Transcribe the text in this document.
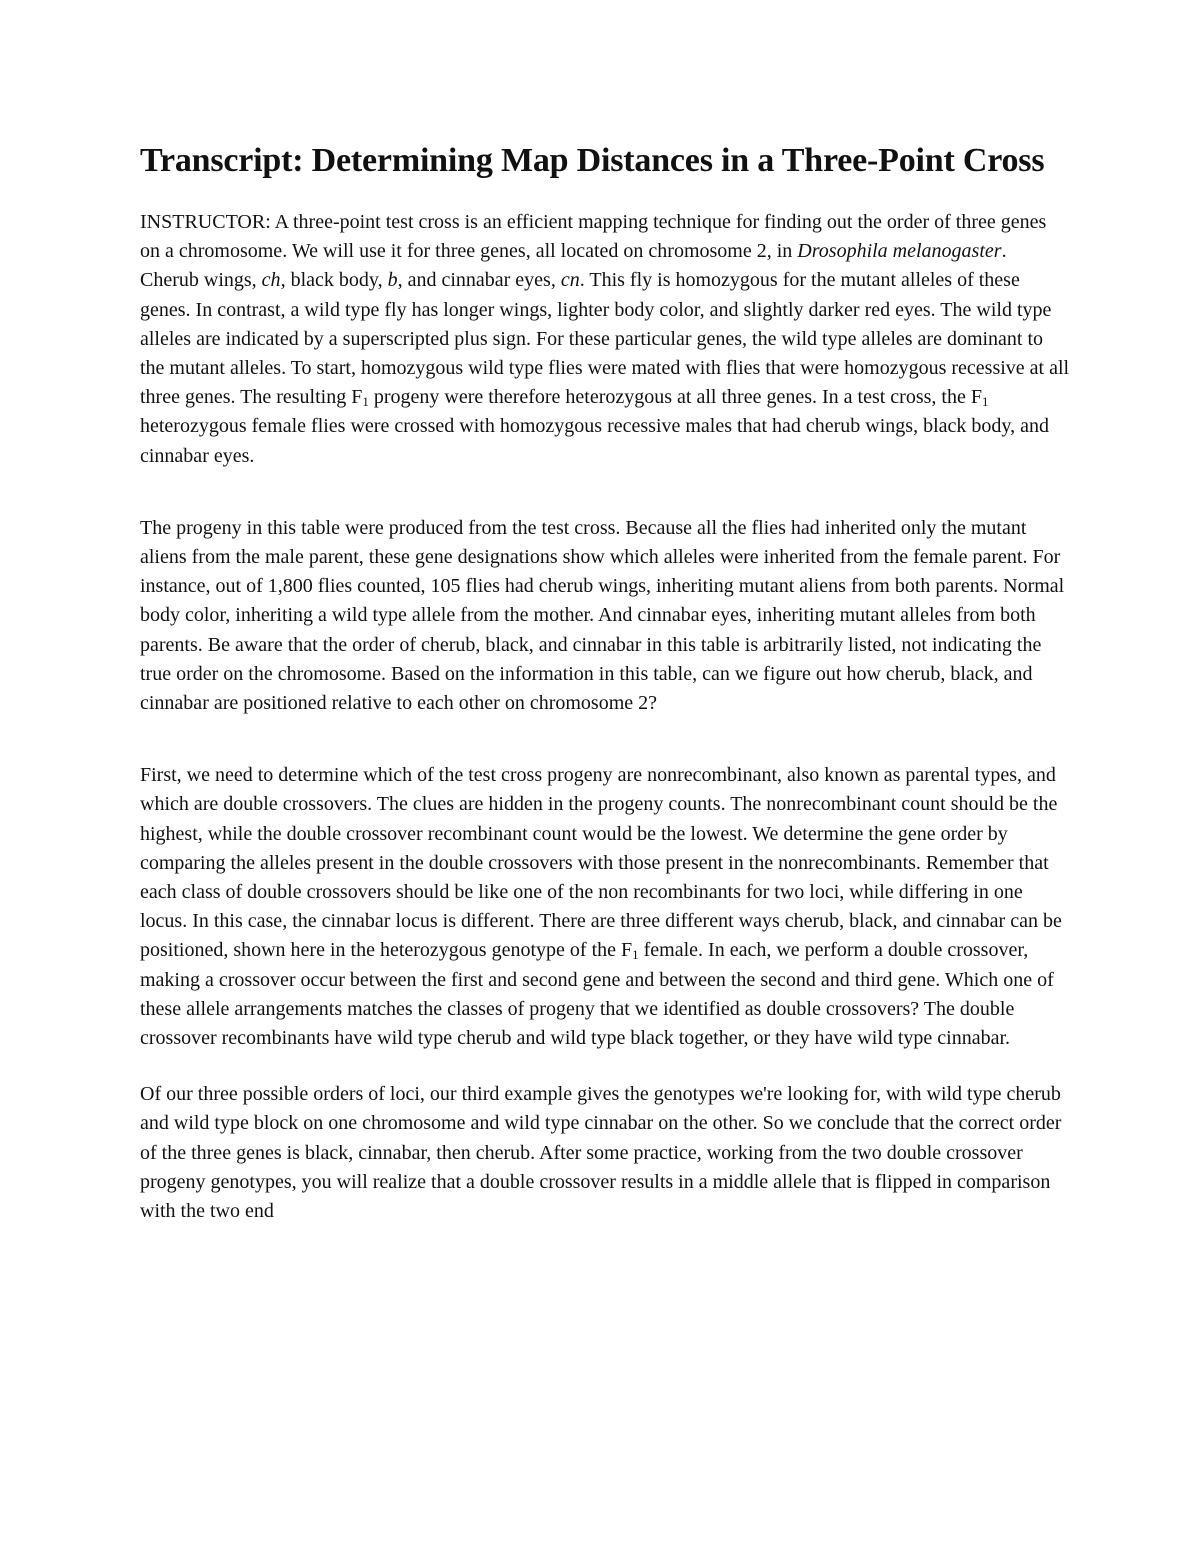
Transcript: Determining Map Distances in a Three-Point Cross

INSTRUCTOR: A three-point test cross is an efficient mapping technique for finding out the order of three genes on a chromosome. We will use it for three genes, all located on chromosome 2, in Drosophila melanogaster. Cherub wings, ch, black body, b, and cinnabar eyes, cn. This fly is homozygous for the mutant alleles of these genes. In contrast, a wild type fly has longer wings, lighter body color, and slightly darker red eyes. The wild type alleles are indicated by a superscripted plus sign. For these particular genes, the wild type alleles are dominant to the mutant alleles. To start, homozygous wild type flies were mated with flies that were homozygous recessive at all three genes. The resulting $F_1$ progeny were therefore heterozygous at all three genes. In a test cross, the $F_1$ heterozygous female flies were crossed with homozygous recessive males that had cherub wings, black body, and cinnabar eyes.

The progeny in this table were produced from the test cross. Because all the flies had inherited only the mutant aliens from the male parent, these gene designations show which alleles were inherited from the female parent. For instance, out of 1,800 flies counted, 105 flies had cherub wings, inheriting mutant aliens from both parents. Normal body color, inheriting a wild type allele from the mother. And cinnabar eyes, inheriting mutant alleles from both parents. Be aware that the order of cherub, black, and cinnabar in this table is arbitrarily listed, not indicating the true order on the chromosome. Based on the information in this table, can we figure out how cherub, black, and cinnabar are positioned relative to each other on chromosome 2?

First, we need to determine which of the test cross progeny are nonrecombinant, also known as parental types, and which are double crossovers. The clues are hidden in the progeny counts. The nonrecombinant count should be the highest, while the double crossover recombinant count would be the lowest. We determine the gene order by comparing the alleles present in the double crossovers with those present in the nonrecombinants. Remember that each class of double crossovers should be like one of the non recombinants for two loci, while differing in one locus. In this case, the cinnabar locus is different. There are three different ways cherub, black, and cinnabar can be positioned, shown here in the heterozygous genotype of the $F_1$ female. In each, we perform a double crossover, making a crossover occur between the first and second gene and between the second and third gene. Which one of these allele arrangements matches the classes of progeny that we identified as double crossovers? The double crossover recombinants have wild type cherub and wild type black together, or they have wild type cinnabar.

Of our three possible orders of loci, our third example gives the genotypes we're looking for, with wild type cherub and wild type block on one chromosome and wild type cinnabar on the other. So we conclude that the correct order of the three genes is black, cinnabar, then cherub. After some practice, working from the two double crossover progeny genotypes, you will realize that a double crossover results in a middle allele that is flipped in comparison with the two end
